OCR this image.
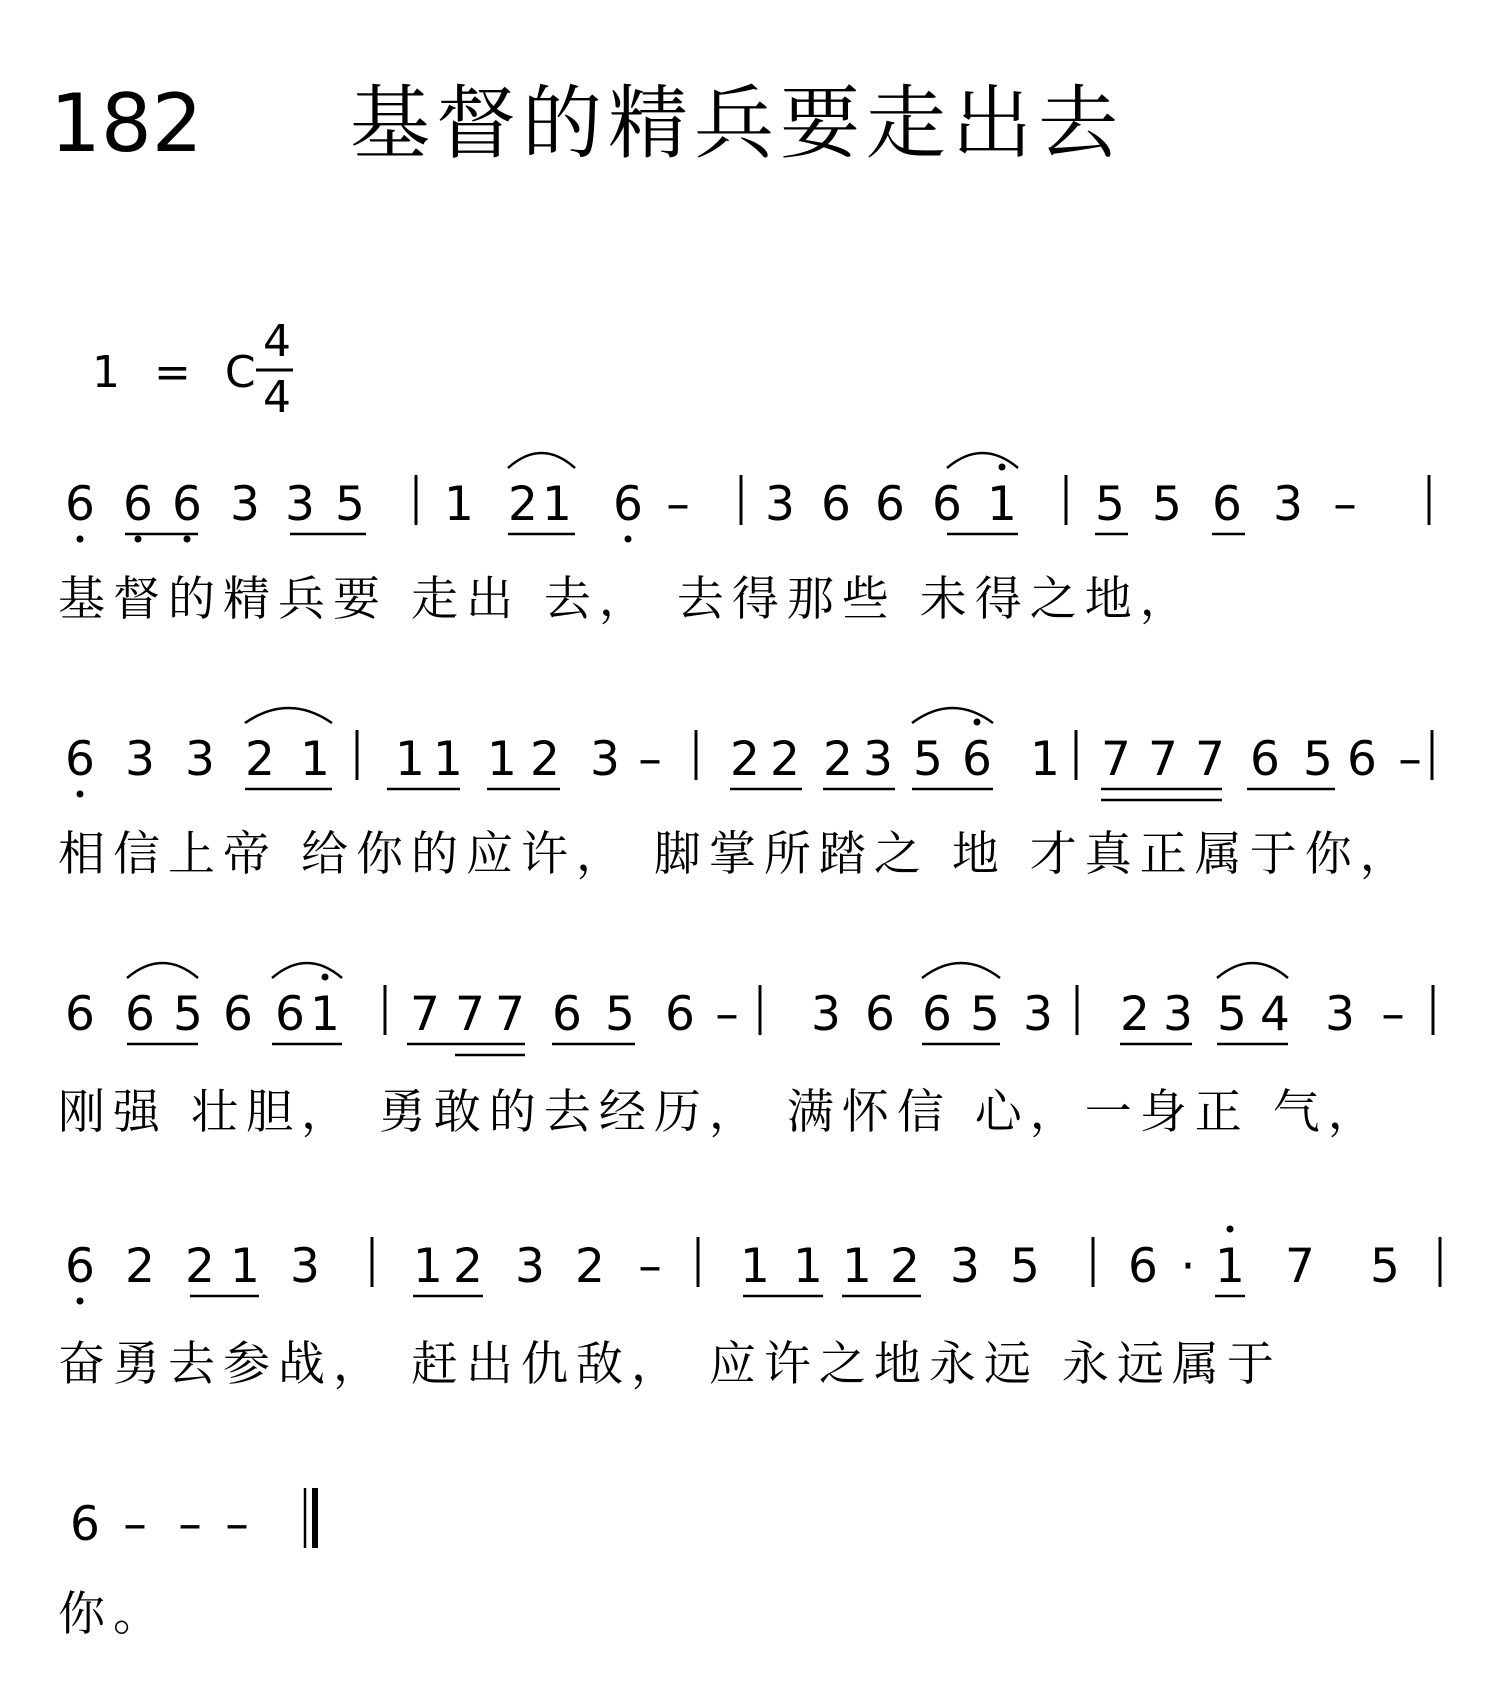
182 基督的精兵要走出去
1 = C
4
4
6 6 6 3 3 5 1 2 1 6 – 3 6 6 6 1 5 5 6 3 –
基督的精兵要 走出 去， 去得那些 未得之地，
6 3 3 2 1 1 1 1 2 3 – 2 2 2 3 5 6 1 7 7 7 6 5 6 –
相信上帝 给你的应许， 脚掌所踏之 地 才真正属于你，
6 6 5 6 6 1 7 7 7 6 5 6 – 3 6 6 5 3 2 3 5 4 3 –
刚强 壮胆， 勇敢的去经历， 满怀信 心，一身正 气，
6 2 2 1 3 1 2 3 2 – 1 1 1 2 3 5 6 · 1 7 5
奋勇去参战， 赶出仇敌， 应许之地永远 永远属于
6 – – –
你。
